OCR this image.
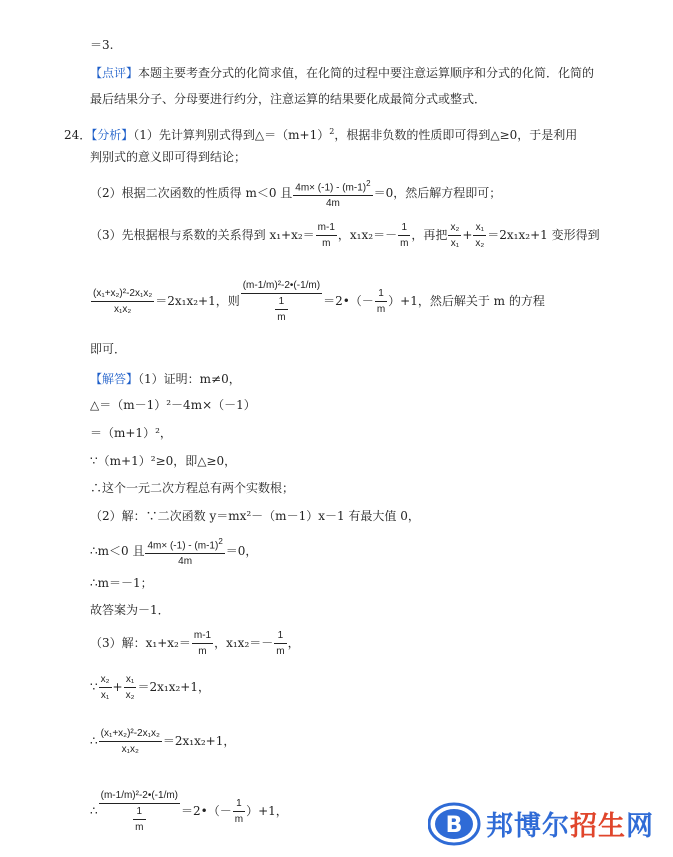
＝3.
【点评】本题主要考查分式的化简求值，在化简的过程中要注意运算顺序和分式的化简．化简的
最后结果分子、分母要进行约分，注意运算的结果要化成最简分式或整式．
24．【分析】（1）先计算判别式得到$\triangle=(m+1)^2$，根据非负数的性质即可得到△≥0，于是利用
判别式的意义即可得到结论；
（2）根据二次函数的性质得 m＜0 且 $\frac{4m\times (-1) - (m-1)^2}{4m} =0$，然后解方程即可；
（3）先根据根与系数的关系得到 $x_1+x_2= \frac{m-1}{m}$ ，$x_1x_2=- \frac{1}{m}$ ，再把 $\frac{\text{x₂}}{\text{x₁}} + \frac{\text{x₁}}{\text{x₂}} =2x_1x_2+1$ 变形得到
$\frac{\text{(x₁+x₂)²-2x₁x₂}}{\text{x₁x₂}} =2x_1x_2+1$，则 $\frac{\text{(m-1/m)²-2•(-1/m)}}{\frac{1}{m}}$ ＝2•（－ $\frac{1}{m} )+1$，然后解关于 m 的方程
即可．
【解答】（1）证明：m≠0，
△＝（m－1）²－4m×（－1）
＝（m+1）²，
∵（m+1）²≥0，即△≥0，
∴这个一元二次方程总有两个实数根；
（2）解：∵二次函数 y＝mx²－（m－1）x－1 有最大值 0，
∴m＜0 且 $\frac{4m\times (-1) - (m-1)^2}{4m} =0$，
∴m＝－1；
故答案为－1．
（3）解：$x_1+x_2= \frac{m-1}{m}$ ，$x_1x_2=- \frac{1}{m}$ ，
∵ $\frac{\text{x₂}}{\text{x₁}} + \frac{\text{x₁}}{\text{x₂}} =2x_1x_2+1$，
∴ $\frac{\text{(x₁+x₂)²-2x₁x₂}}{\text{x₁x₂}} =2x_1x_2+1$，
∴ $\frac{\text{(m-1/m)²-2•(-1/m)}}{\frac{1}{m}}$ ＝2•（－ $\frac{1}{m} )+1$，
B 邦博尔招生网
